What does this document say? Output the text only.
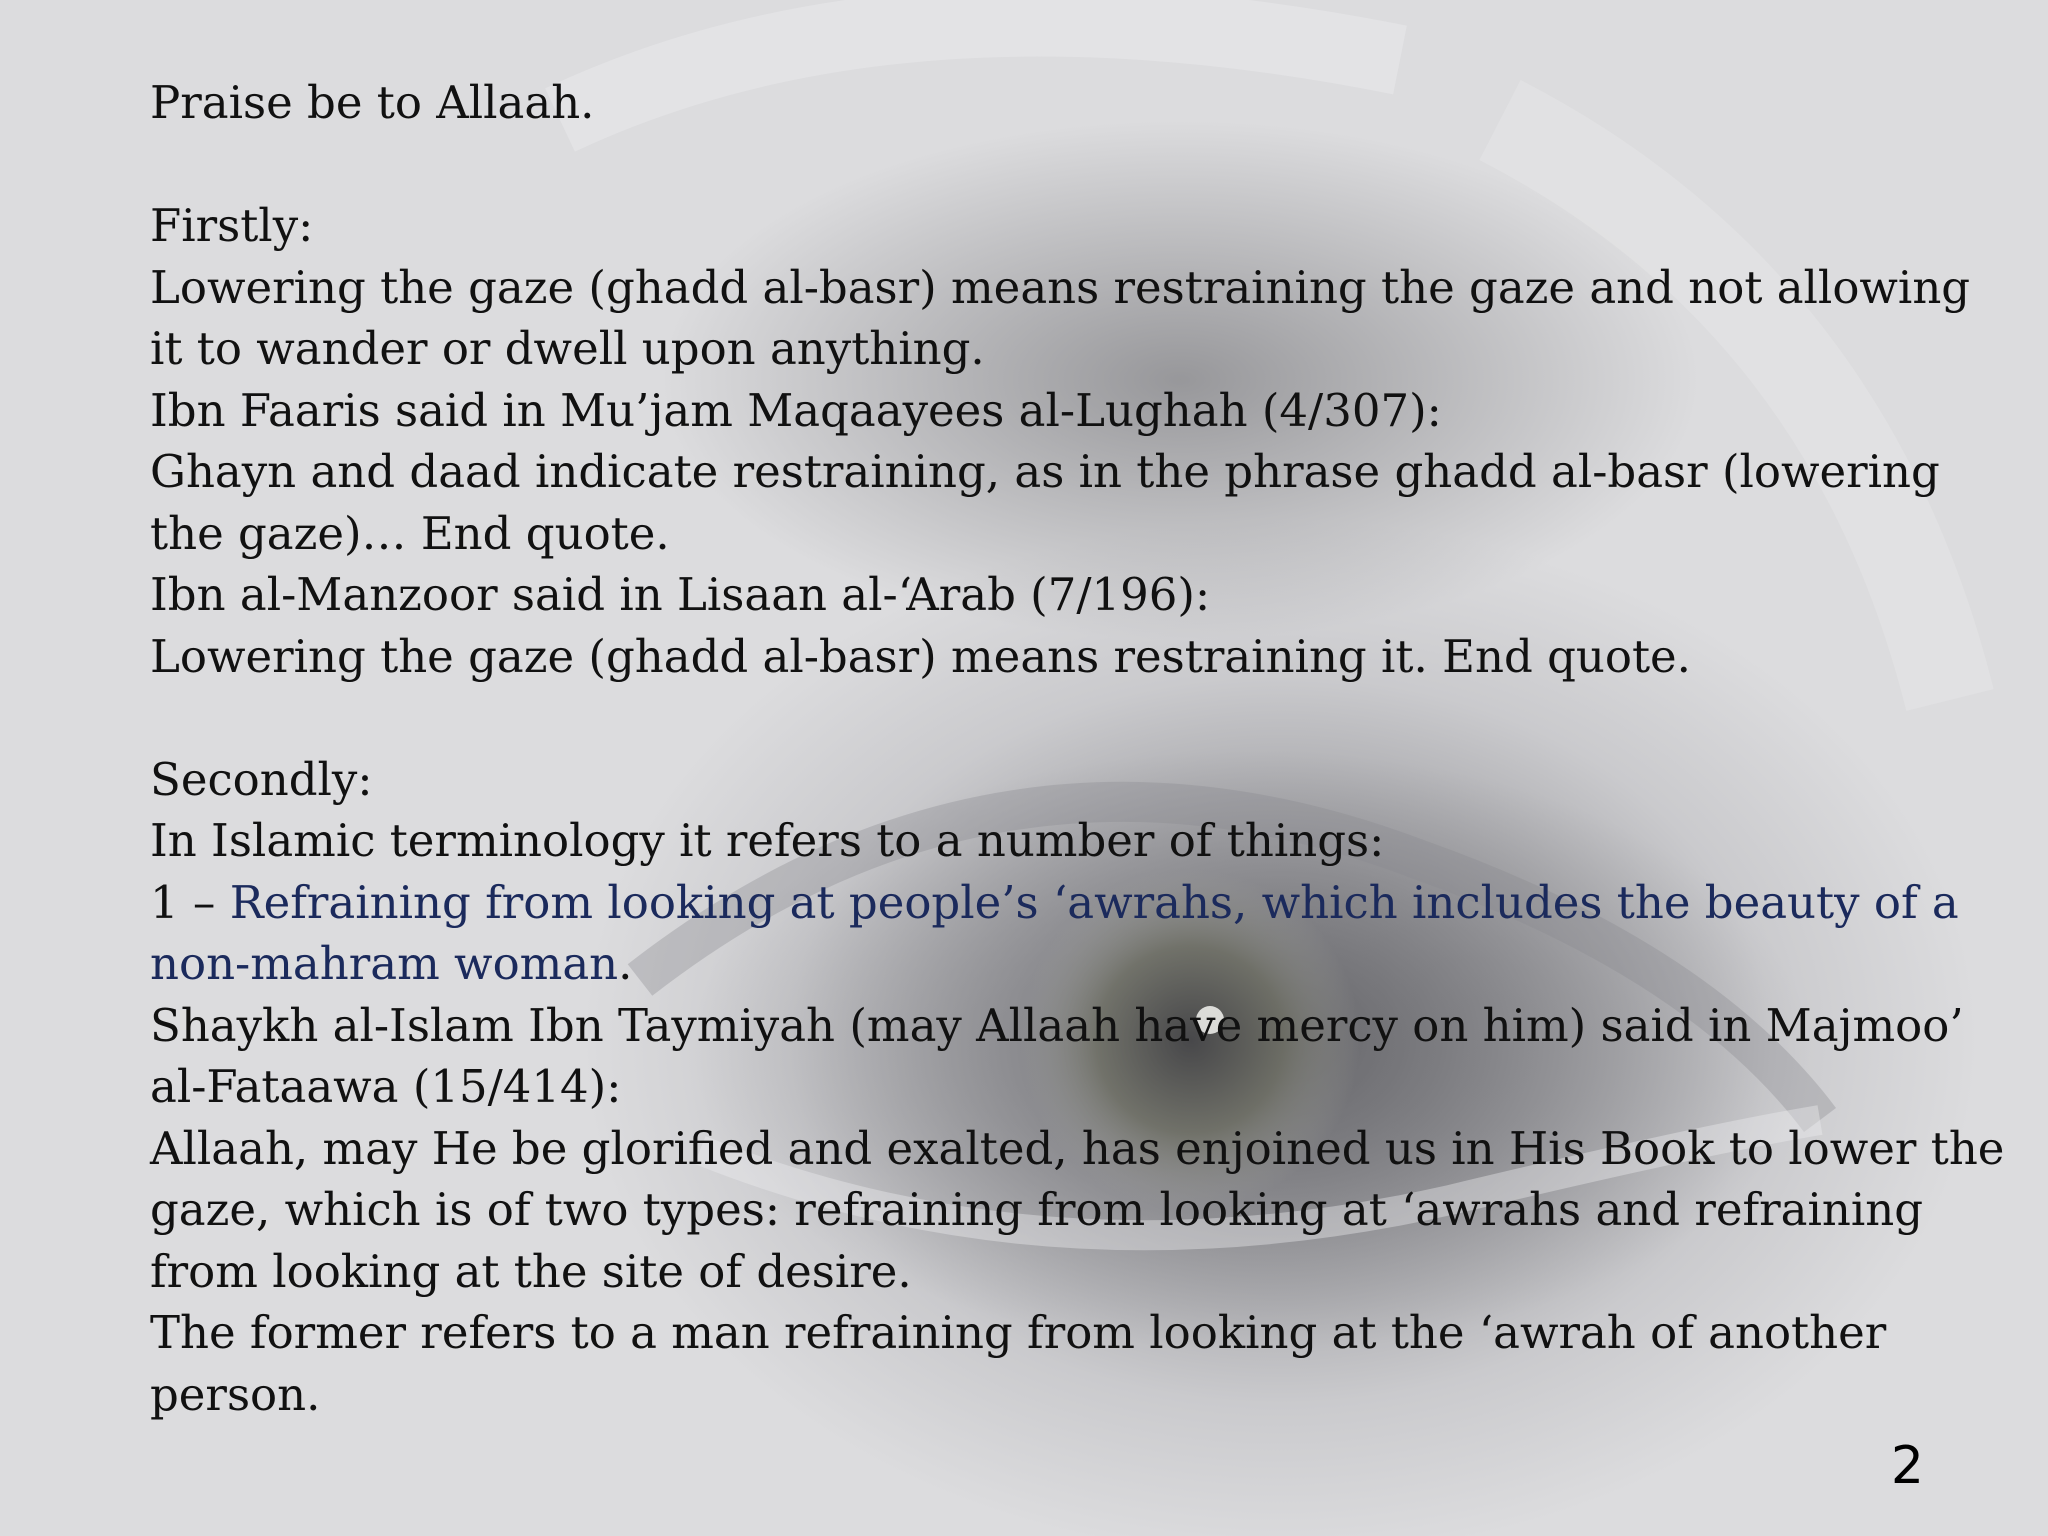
Praise be to Allaah.

Firstly:

Lowering the gaze (ghadd al-basr) means restraining the gaze and not allowing

it to wander or dwell upon anything.

Ibn Faaris said in Mu’jam Maqaayees al-Lughah (4/307):

Ghayn and daad indicate restraining, as in the phrase ghadd al-basr (lowering

the gaze)… End quote.

Ibn al-Manzoor said in Lisaan al-‘Arab (7/196):

Lowering the gaze (ghadd al-basr) means restraining it. End quote.

Secondly:

In Islamic terminology it refers to a number of things:

1 – Refraining from looking at people’s ‘awrahs, which includes the beauty of a

non-mahram woman.

Shaykh al-Islam Ibn Taymiyah (may Allaah have mercy on him) said in Majmoo’

al-Fataawa (15/414):

Allaah, may He be glorified and exalted, has enjoined us in His Book to lower the

gaze, which is of two types: refraining from looking at ‘awrahs and refraining

from looking at the site of desire.

The former refers to a man refraining from looking at the ‘awrah of another

person.

2
